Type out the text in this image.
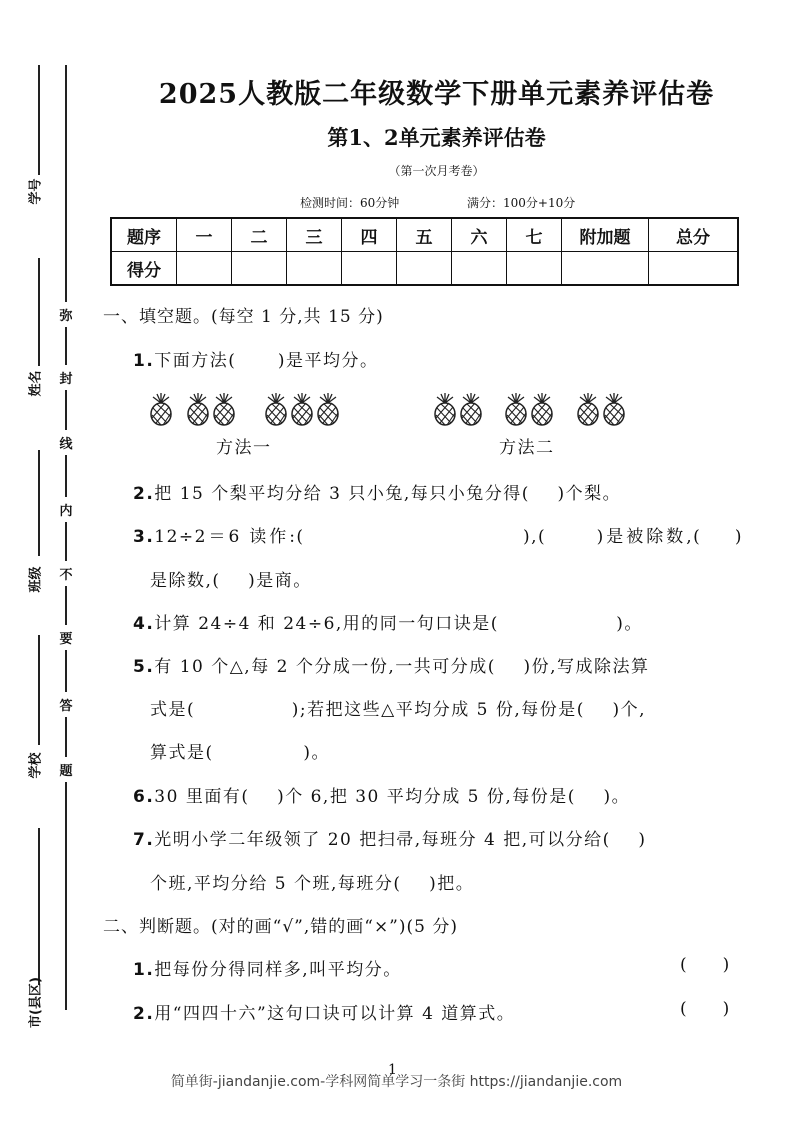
学号
姓名
班级
学校
市(县区)
弥
封
线
内
不
要
答
题
2025人教版二年级数学下册单元素养评估卷
第1、2单元素养评估卷
（第一次月考卷）
检测时间：60分钟	满分：100分+10分
题序	一	二	三	四	五	六	七	附加题	总分
得分									
一、填空题。(每空 1 分,共 15 分)
1.下面方法(      )是平均分。
方法一	方法二
2.把 15 个梨平均分给 3 只小兔,每只小兔分得(    )个梨。
3.12÷2＝6 读作:(                          ),(      )是被除数,(    )
是除数,(    )是商。
4.计算 24÷4 和 24÷6,用的同一句口诀是(                 )。
5.有 10 个△,每 2 个分成一份,一共可分成(    )份,写成除法算
式是(              );若把这些△平均分成 5 份,每份是(    )个,
算式是(             )。
6.30 里面有(    )个 6,把 30 平均分成 5 份,每份是(    )。
7.光明小学二年级领了 20 把扫帚,每班分 4 把,可以分给(    )
个班,平均分给 5 个班,每班分(    )把。
二、判断题。(对的画“√”,错的画“×”)(5 分)
1.把每份分得同样多,叫平均分。	(     )
2.用“四四十六”这句口诀可以计算 4 道算式。	(     )
简单街-jiandanjie.com-学科网简单学习一条街 https://jiandanjie.com
1
